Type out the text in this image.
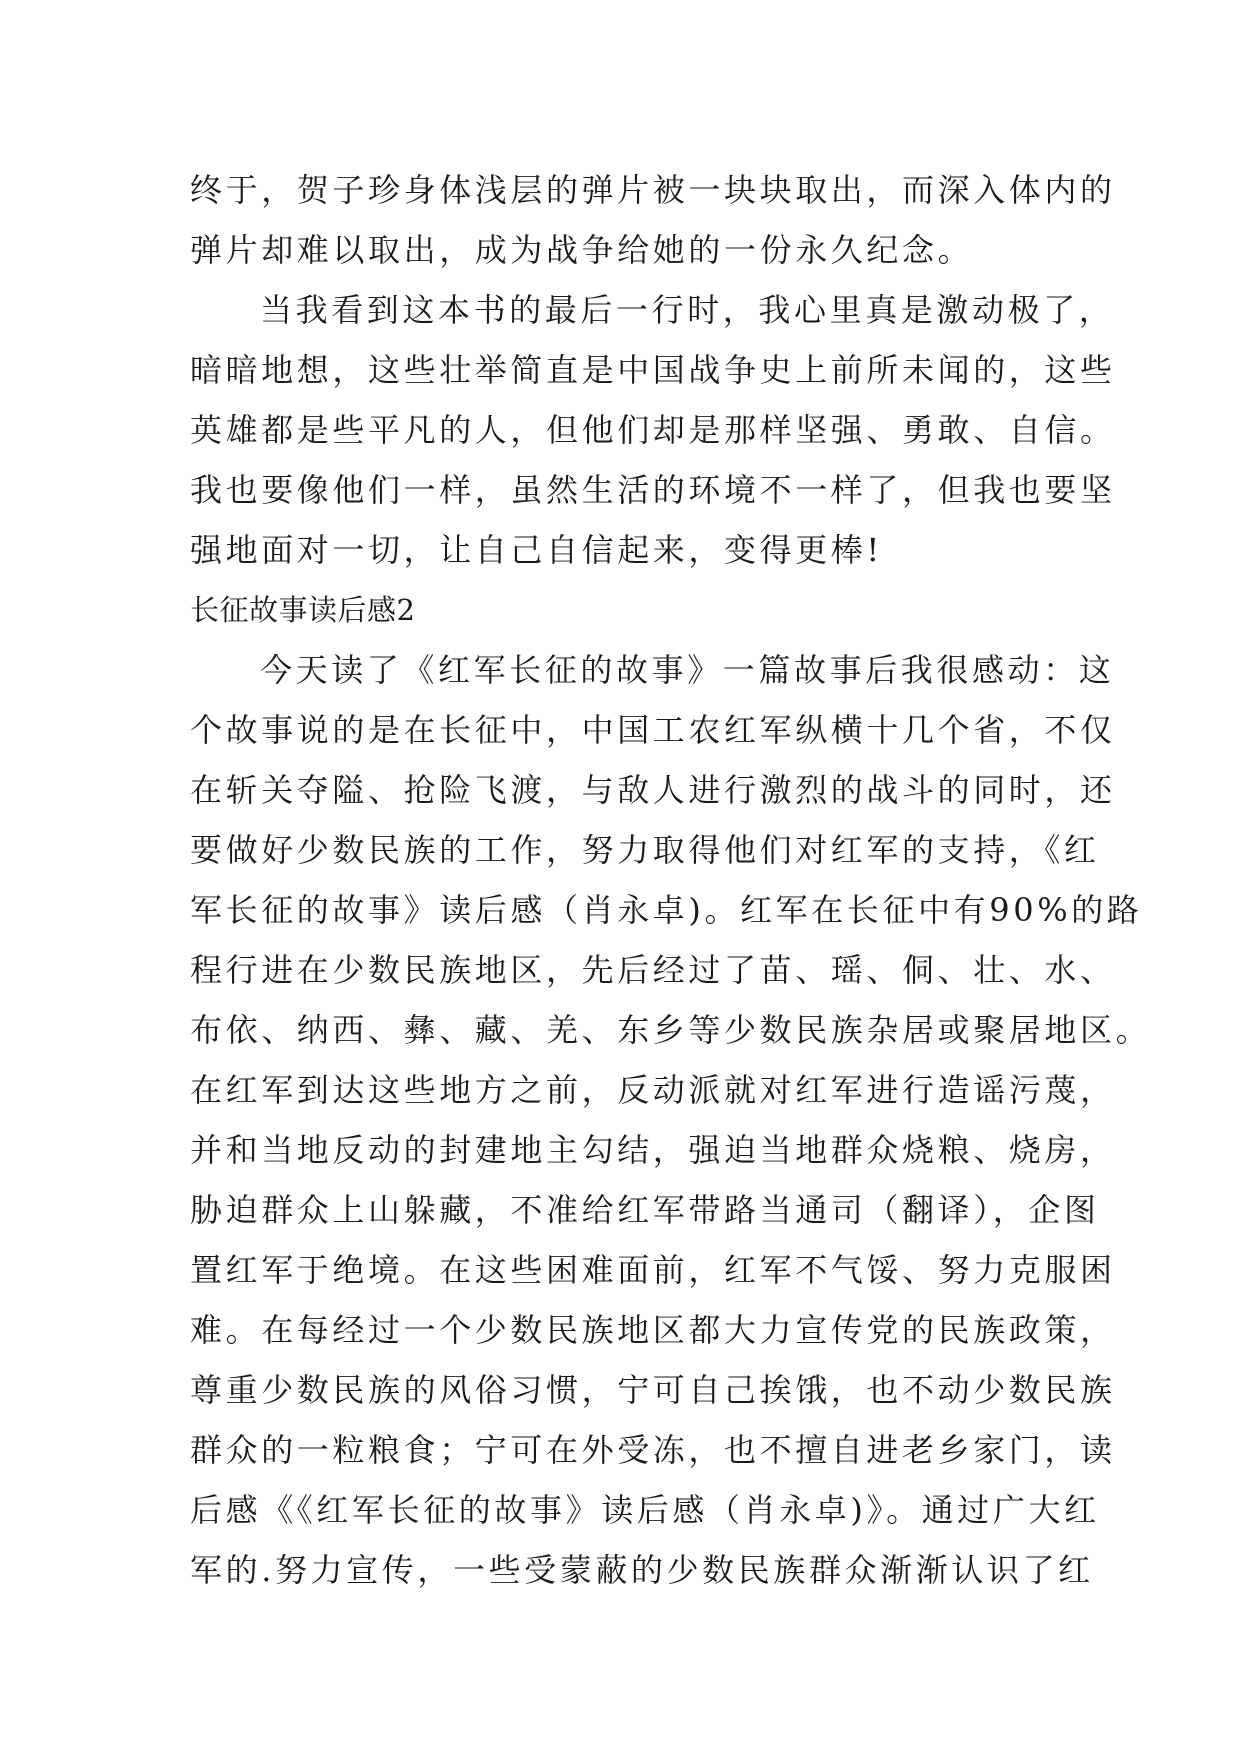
终于，贺子珍身体浅层的弹片被一块块取出，而深入体内的
弹片却难以取出，成为战争给她的一份永久纪念。
当我看到这本书的最后一行时，我心里真是激动极了，
暗暗地想，这些壮举简直是中国战争史上前所未闻的，这些
英雄都是些平凡的人，但他们却是那样坚强、勇敢、自信。
我也要像他们一样，虽然生活的环境不一样了，但我也要坚
强地面对一切，让自己自信起来，变得更棒!
长征故事读后感2
今天读了《红军长征的故事》一篇故事后我很感动：这
个故事说的是在长征中，中国工农红军纵横十几个省，不仅
在斩关夺隘、抢险飞渡，与敌人进行激烈的战斗的同时，还
要做好少数民族的工作，努力取得他们对红军的支持，《红
军长征的故事》读后感（肖永卓)。红军在长征中有90%的路
程行进在少数民族地区，先后经过了苗、瑶、侗、壮、水、
布依、纳西、彝、藏、羌、东乡等少数民族杂居或聚居地区。
在红军到达这些地方之前，反动派就对红军进行造谣污蔑，
并和当地反动的封建地主勾结，强迫当地群众烧粮、烧房，
胁迫群众上山躲藏，不准给红军带路当通司（翻译），企图
置红军于绝境。在这些困难面前，红军不气馁、努力克服困
难。在每经过一个少数民族地区都大力宣传党的民族政策，
尊重少数民族的风俗习惯，宁可自己挨饿，也不动少数民族
群众的一粒粮食；宁可在外受冻，也不擅自进老乡家门，读
后感《《红军长征的故事》读后感（肖永卓)》。通过广大红
军的.努力宣传，一些受蒙蔽的少数民族群众渐渐认识了红
